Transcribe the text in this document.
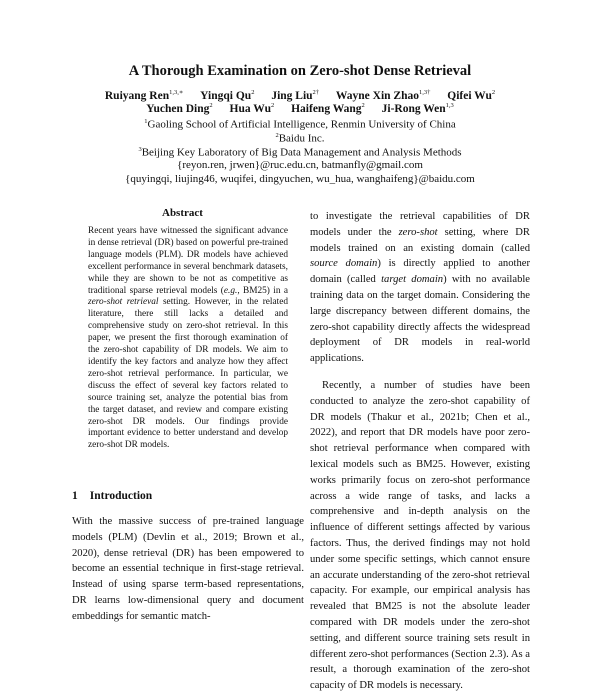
A Thorough Examination on Zero-shot Dense Retrieval
Ruiyang Ren$^{1,3,∗}$ Yingqi Qu$^2$ Jing Liu$^{2\dagger}$ Wayne Xin Zhao$^{1,3\dagger}$ Qifei Wu$^2$
Yuchen Ding$^2$ Hua Wu$^2$ Haifeng Wang$^2$ Ji-Rong Wen$^{1,3}$
$^1$Gaoling School of Artificial Intelligence, Renmin University of China
$^2$Baidu Inc.
$^3$Beijing Key Laboratory of Big Data Management and Analysis Methods
{reyon.ren, jrwen}@ruc.edu.cn, batmanfly@gmail.com
{quyingqi, liujing46, wuqifei, dingyuchen, wu_hua, wanghaifeng}@baidu.com
Abstract
Recent years have witnessed the significant advance in dense retrieval (DR) based on powerful pre-trained language models (PLM). DR models have achieved excellent performance in several benchmark datasets, while they are shown to be not as competitive as traditional sparse retrieval models (e.g., BM25) in a zero-shot retrieval setting. However, in the related literature, there still lacks a detailed and comprehensive study on zero-shot retrieval. In this paper, we present the first thorough examination of the zero-shot capability of DR models. We aim to identify the key factors and analyze how they affect zero-shot retrieval performance. In particular, we discuss the effect of several key factors related to source training set, analyze the potential bias from the target dataset, and review and compare existing zero-shot DR models. Our findings provide important evidence to better understand and develop zero-shot DR models.
1 Introduction
With the massive success of pre-trained language models (PLM) (Devlin et al., 2019; Brown et al., 2020), dense retrieval (DR) has been empowered to become an essential technique in first-stage retrieval. Instead of using sparse term-based representations, DR learns low-dimensional query and document embeddings for semantic match-

to investigate the retrieval capabilities of DR models under the zero-shot setting, where DR models trained on an existing domain (called source domain) is directly applied to another domain (called target domain) with no available training data on the target domain. Considering the large discrepancy between different domains, the zero-shot capability directly affects the widespread deployment of DR models in real-world applications.

Recently, a number of studies have been conducted to analyze the zero-shot capability of DR models (Thakur et al., 2021b; Chen et al., 2022), and report that DR models have poor zero-shot retrieval performance when compared with lexical models such as BM25. However, existing works primarily focus on zero-shot performance across a wide range of tasks, and lacks a comprehensive and in-depth analysis on the influence of different settings affected by various factors. Thus, the derived findings may not hold under some specific settings, which cannot ensure an accurate understanding of the zero-shot retrieval capacity. For example, our empirical analysis has revealed that BM25 is not the absolute leader compared with DR models under the zero-shot setting, and different source training sets result in different zero-shot performances (Section 2.3). As a result, a thorough examination of the zero-shot capacity of DR models is necessary.
